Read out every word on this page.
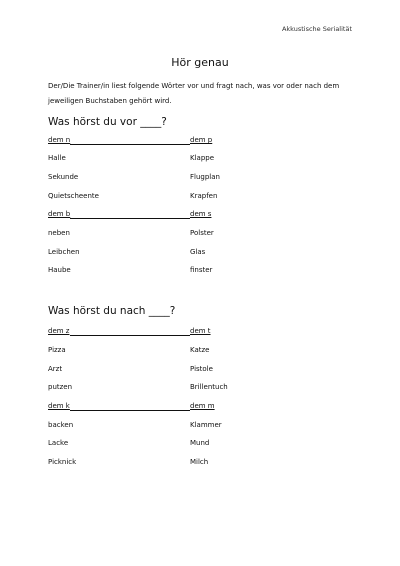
Akkustische Serialität
Hör genau
Der/Die Trainer/in liest folgende Wörter vor und fragt nach, was vor oder nach dem jeweiligen Buchstaben gehört wird.
Was hörst du vor ____?
dem n	dem p
Halle	Klappe
Sekunde	Flugplan
Quietscheente	Krapfen
dem b	dem s
neben	Polster
Leibchen	Glas
Haube	finster
Was hörst du nach ____?
dem z	dem t
Pizza	Katze
Arzt	Pistole
putzen	Brillentuch
dem k	dem m
backen	Klammer
Lacke	Mund
Picknick	Milch
